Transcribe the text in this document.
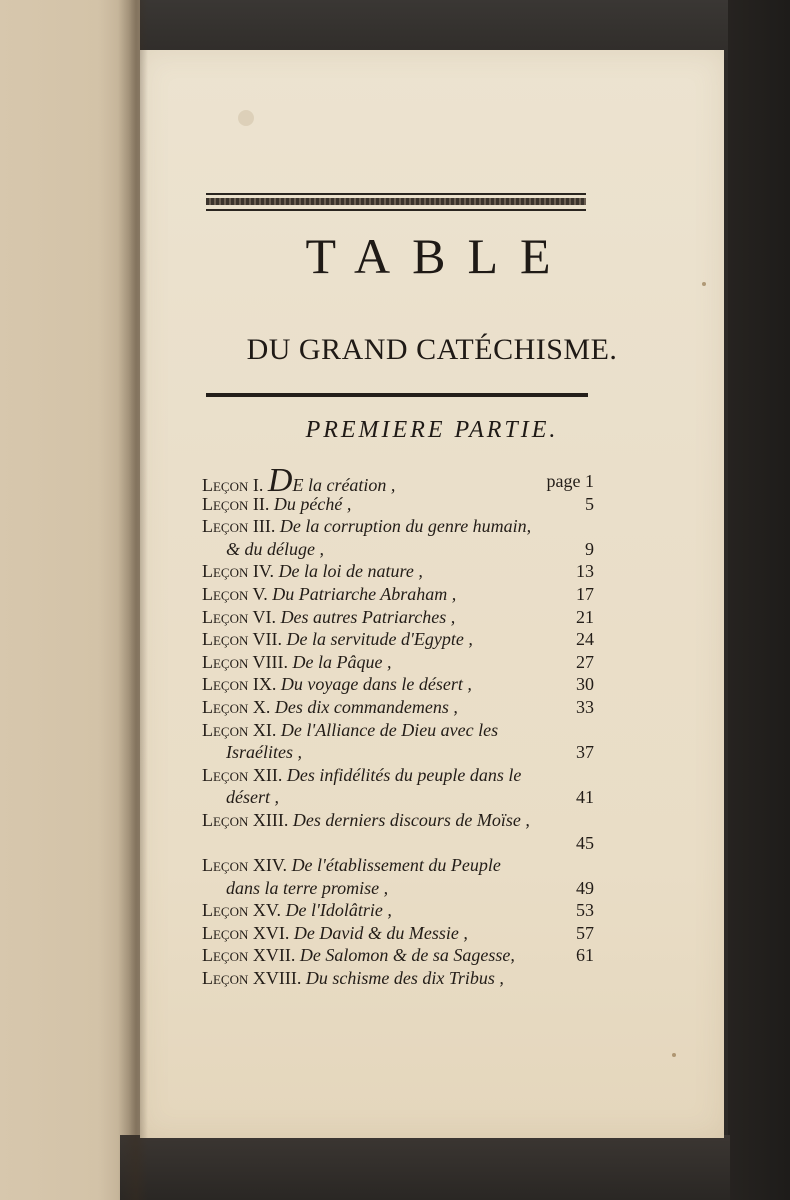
TABLE
DU GRAND CATÉCHISME.
PREMIERE PARTIE.
Leçon I. DE la création ,	page 1
Leçon II. Du péché ,	5
Leçon III. De la corruption du genre humain,
& du déluge ,	9
Leçon IV. De la loi de nature ,	13
Leçon V. Du Patriarche Abraham ,	17
Leçon VI. Des autres Patriarches ,	21
Leçon VII. De la servitude d'Egypte ,	24
Leçon VIII. De la Pâque ,	27
Leçon IX. Du voyage dans le désert ,	30
Leçon X. Des dix commandemens ,	33
Leçon XI. De l'Alliance de Dieu avec les
Israélites ,	37
Leçon XII. Des infidélités du peuple dans le
désert ,	41
Leçon XIII. Des derniers discours de Moïse ,
45
Leçon XIV. De l'établissement du Peuple
dans la terre promise ,	49
Leçon XV. De l'Idolâtrie ,	53
Leçon XVI. De David & du Messie ,	57
Leçon XVII. De Salomon & de sa Sagesse,	61
Leçon XVIII. Du schisme des dix Tribus ,
